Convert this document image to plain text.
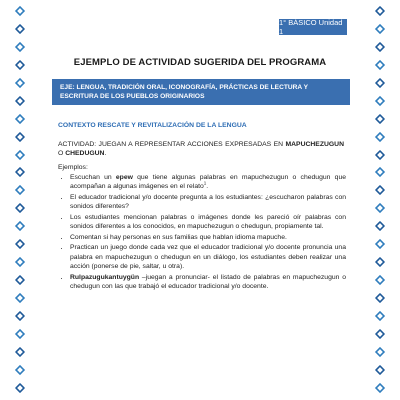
1° BÁSICO Unidad 1
EJEMPLO DE ACTIVIDAD SUGERIDA DEL PROGRAMA
EJE: LENGUA, TRADICIÓN ORAL, ICONOGRAFÍA, PRÁCTICAS DE LECTURA Y ESCRITURA DE LOS PUEBLOS ORIGINARIOS
CONTEXTO RESCATE Y REVITALIZACIÓN DE LA LENGUA
ACTIVIDAD: JUEGAN A REPRESENTAR ACCIONES EXPRESADAS EN MAPUCHEZUGUN O CHEDUGUN.
Ejemplos:
• Escuchan un epew que tiene algunas palabras en mapuchezugun o chedugun que acompañan a algunas imágenes en el relato$^1$.
• El educador tradicional y/o docente pregunta a los estudiantes: ¿escucharon palabras con sonidos diferentes?
• Los estudiantes mencionan palabras o imágenes donde les pareció oír palabras con sonidos diferentes a los conocidos, en mapuchezugun o chedugun, propiamente tal.
• Comentan si hay personas en sus familias que hablan idioma mapuche.
• Practican un juego donde cada vez que el educador tradicional y/o docente pronuncia una palabra en mapuchezugun o chedugun en un diálogo, los estudiantes deben realizar una acción (ponerse de pie, saltar, u otra).
• Rulpazugukantuygün –juegan a pronunciar- el listado de palabras en mapuchezugun o chedugun con las que trabajó el educador tradicional y/o docente.
